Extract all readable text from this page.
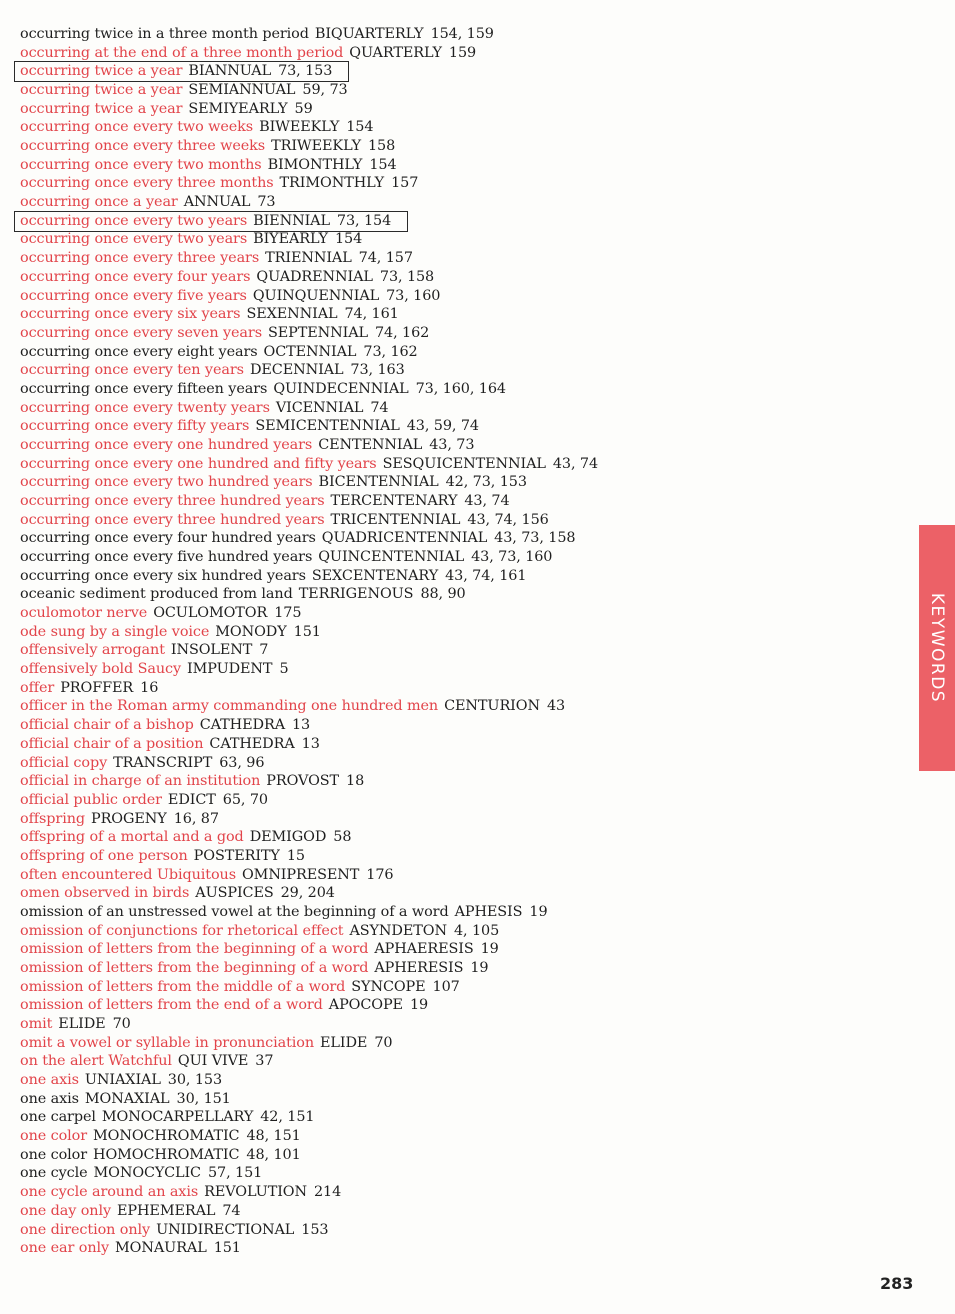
occurring twice in a three month period BIQUARTERLY 154, 159
occurring at the end of a three month period QUARTERLY 159
occurring twice a year BIANNUAL 73, 153
occurring twice a year SEMIANNUAL 59, 73
occurring twice a year SEMIYEARLY 59
occurring once every two weeks BIWEEKLY 154
occurring once every three weeks TRIWEEKLY 158
occurring once every two months BIMONTHLY 154
occurring once every three months TRIMONTHLY 157
occurring once a year ANNUAL 73
occurring once every two years BIENNIAL 73, 154
occurring once every two years BIYEARLY 154
occurring once every three years TRIENNIAL 74, 157
occurring once every four years QUADRENNIAL 73, 158
occurring once every five years QUINQUENNIAL 73, 160
occurring once every six years SEXENNIAL 74, 161
occurring once every seven years SEPTENNIAL 74, 162
occurring once every eight years OCTENNIAL 73, 162
occurring once every ten years DECENNIAL 73, 163
occurring once every fifteen years QUINDECENNIAL 73, 160, 164
occurring once every twenty years VICENNIAL 74
occurring once every fifty years SEMICENTENNIAL 43, 59, 74
occurring once every one hundred years CENTENNIAL 43, 73
occurring once every one hundred and fifty years SESQUICENTENNIAL 43, 74
occurring once every two hundred years BICENTENNIAL 42, 73, 153
occurring once every three hundred years TERCENTENARY 43, 74
occurring once every three hundred years TRICENTENNIAL 43, 74, 156
occurring once every four hundred years QUADRICENTENNIAL 43, 73, 158
occurring once every five hundred years QUINCENTENNIAL 43, 73, 160
occurring once every six hundred years SEXCENTENARY 43, 74, 161
oceanic sediment produced from land TERRIGENOUS 88, 90
oculomotor nerve OCULOMOTOR 175
ode sung by a single voice MONODY 151
offensively arrogant INSOLENT 7
offensively bold Saucy IMPUDENT 5
offer PROFFER 16
officer in the Roman army commanding one hundred men CENTURION 43
official chair of a bishop CATHEDRA 13
official chair of a position CATHEDRA 13
official copy TRANSCRIPT 63, 96
official in charge of an institution PROVOST 18
official public order EDICT 65, 70
offspring PROGENY 16, 87
offspring of a mortal and a god DEMIGOD 58
offspring of one person POSTERITY 15
often encountered Ubiquitous OMNIPRESENT 176
omen observed in birds AUSPICES 29, 204
omission of an unstressed vowel at the beginning of a word APHESIS 19
omission of conjunctions for rhetorical effect ASYNDETON 4, 105
omission of letters from the beginning of a word APHAERESIS 19
omission of letters from the beginning of a word APHERESIS 19
omission of letters from the middle of a word SYNCOPE 107
omission of letters from the end of a word APOCOPE 19
omit ELIDE 70
omit a vowel or syllable in pronunciation ELIDE 70
on the alert Watchful QUI VIVE 37
one axis UNIAXIAL 30, 153
one axis MONAXIAL 30, 151
one carpel MONOCARPELLARY 42, 151
one color MONOCHROMATIC 48, 151
one color HOMOCHROMATIC 48, 101
one cycle MONOCYCLIC 57, 151
one cycle around an axis REVOLUTION 214
one day only EPHEMERAL 74
one direction only UNIDIRECTIONAL 153
one ear only MONAURAL 151
KEYWORDS
283
